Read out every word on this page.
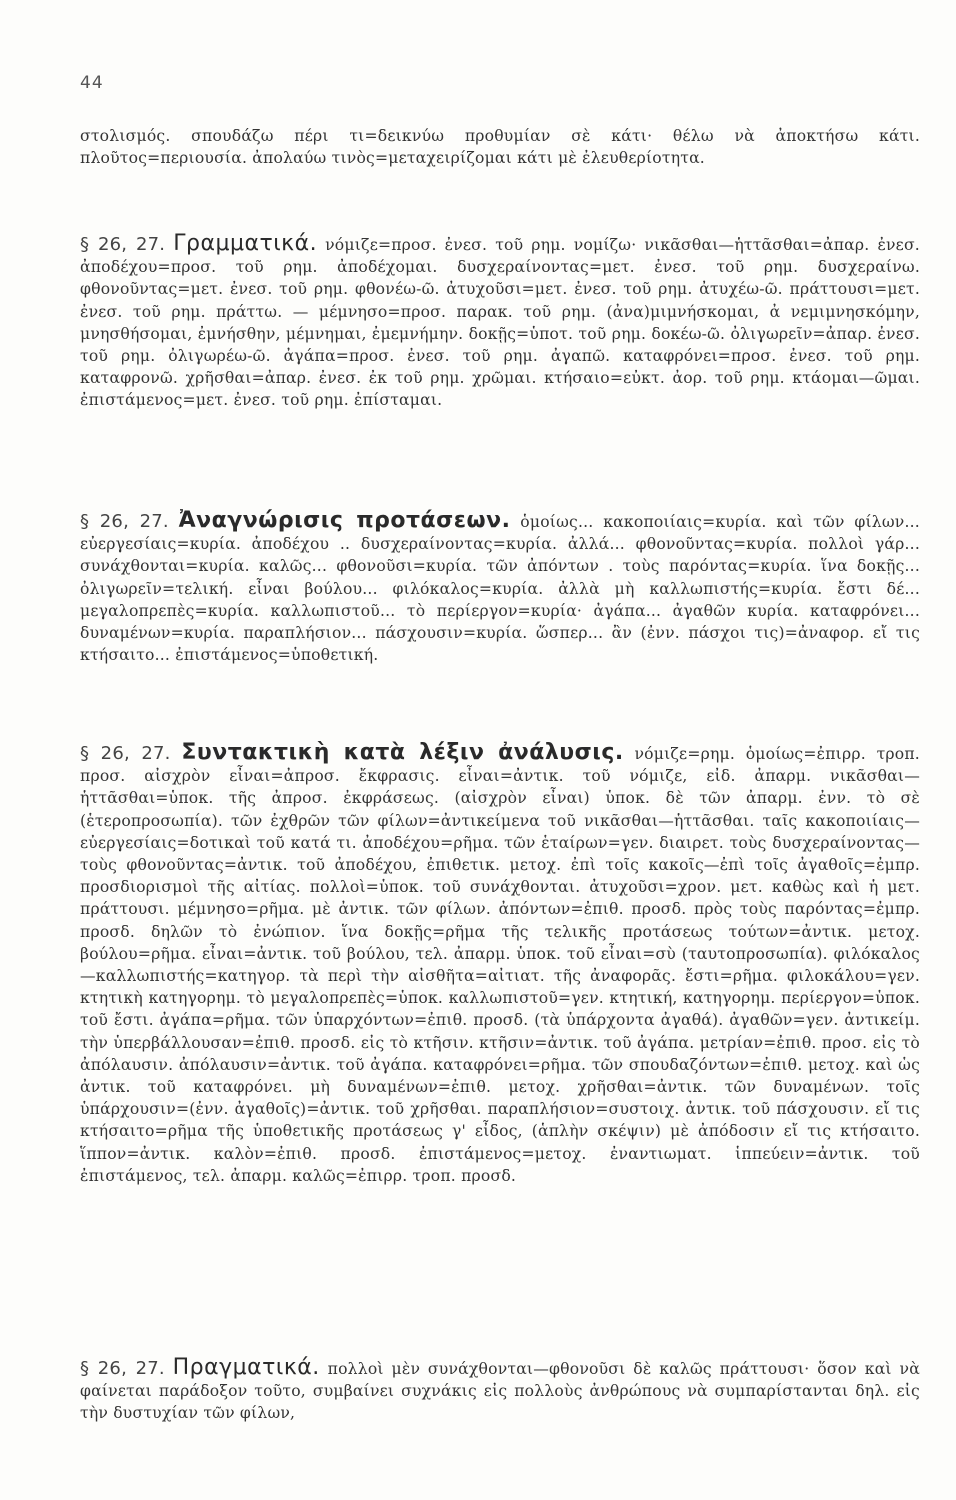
44

στολισμός. σπουδάζω πέρι τι=δεικνύω προθυμίαν σὲ κάτι· θέλω νὰ ἀποκτήσω κάτι. πλοῦτος=περιουσία. ἀπολαύω τινὸς=μεταχειρίζομαι κάτι μὲ ἐλευθερίοτητα.

§ 26, 27. Γραμματικά. νόμιζε=προσ. ἐνεσ. τοῦ ρημ. νομίζω· νικᾶσθαι—ἡττᾶσθαι=ἀπαρ. ἐνεσ. ἀποδέχου=προσ. τοῦ ρημ. ἀποδέχομαι. δυσχεραίνοντας=μετ. ἐνεσ. τοῦ ρημ. δυσχεραίνω. φθονοῦντας=μετ. ἐνεσ. τοῦ ρημ. φθονέω-ῶ. ἀτυχοῦσι=μετ. ἐνεσ. τοῦ ρημ. ἀτυχέω-ῶ. πράττουσι=μετ. ἐνεσ. τοῦ ρημ. πράττω. — μέμνησο=προσ. παρακ. τοῦ ρημ. (ἀνα)μιμνήσκομαι, ἀ νεμιμνησκόμην, μνησθήσομαι, ἐμνήσθην, μέμνημαι, ἐμεμνήμην. δοκῇς=ὑποτ. τοῦ ρημ. δοκέω-ῶ. ὀλιγωρεῖν=ἀπαρ. ἐνεσ. τοῦ ρημ. ὀλιγωρέω-ῶ. ἀγάπα=προσ. ἐνεσ. τοῦ ρημ. ἀγαπῶ. καταφρόνει=προσ. ἐνεσ. τοῦ ρημ. καταφρονῶ. χρῆσθαι=ἀπαρ. ἐνεσ. ἐκ τοῦ ρημ. χρῶμαι. κτήσαιο=εὐκτ. ἀορ. τοῦ ρημ. κτάομαι—ῶμαι. ἐπιστάμενος=μετ. ἐνεσ. τοῦ ρημ. ἐπίσταμαι.

§ 26, 27. Ἀναγνώρισις προτάσεων. ὁμοίως... κακοποιίαις=κυρία. καὶ τῶν φίλων... εὐεργεσίαις=κυρία. ἀποδέχου .. δυσχεραίνοντας=κυρία. ἀλλά... φθονοῦντας=κυρία. πολλοὶ γάρ... συνάχθονται=κυρία. καλῶς... φθονοῦσι=κυρία. τῶν ἀπόντων . τοὺς παρόντας=κυρία. ἵνα δοκῇς... ὀλιγωρεῖν=τελική. εἶναι βούλου... φιλόκαλος=κυρία. ἀλλὰ μὴ καλλωπιστής=κυρία. ἔστι δέ... μεγαλοπρεπὲς=κυρία. καλλωπιστοῦ... τὸ περίεργον=κυρία· ἀγάπα... ἀγαθῶν κυρία. καταφρόνει... δυναμένων=κυρία. παραπλήσιον... πάσχουσιν=κυρία. ὥσπερ... ἂν (ἐνν. πάσχοι τις)=ἀναφορ. εἴ τις κτήσαιτο... ἐπιστάμενος=ὑποθετική.

§ 26, 27. Συντακτικὴ κατὰ λέξιν ἀνάλυσις. νόμιζε=ρημ. ὁμοίως=ἐπιρρ. τροπ. προσ. αἰσχρὸν εἶναι=ἀπροσ. ἔκφρασις. εἶναι=ἀντικ. τοῦ νόμιζε, εἰδ. ἀπαρμ. νικᾶσθαι—ἡττᾶσθαι=ὑποκ. τῆς ἀπροσ. ἐκφράσεως. (αἰσχρὸν εἶναι) ὑποκ. δὲ τῶν ἀπαρμ. ἐνν. τὸ σὲ (ἑτεροπροσωπία). τῶν ἐχθρῶν τῶν φίλων=ἀντικείμενα τοῦ νικᾶσθαι—ἡττᾶσθαι. ταῖς κακοποιίαις—εὐεργεσίαις=δοτικαὶ τοῦ κατά τι. ἀποδέχου=ρῆμα. τῶν ἑταίρων=γεν. διαιρετ. τοὺς δυσχεραίνοντας—τοὺς φθονοῦντας=ἀντικ. τοῦ ἀποδέχου, ἐπιθετικ. μετοχ. ἐπὶ τοῖς κακοῖς—ἐπὶ τοῖς ἀγαθοῖς=ἐμπρ. προσδιορισμοὶ τῆς αἰτίας. πολλοὶ=ὑποκ. τοῦ συνάχθονται. ἀτυχοῦσι=χρον. μετ. καθὼς καὶ ἡ μετ. πράττουσι. μέμνησο=ρῆμα. μὲ ἀντικ. τῶν φίλων. ἀπόντων=ἐπιθ. προσδ. πρὸς τοὺς παρόντας=ἐμπρ. προσδ. δηλῶν τὸ ἐνώπιον. ἵνα δοκῇς=ρῆμα τῆς τελικῆς προτάσεως τούτων=ἀντικ. μετοχ. βούλου=ρῆμα. εἶναι=ἀντικ. τοῦ βούλου, τελ. ἀπαρμ. ὑποκ. τοῦ εἶναι=σὺ (ταυτοπροσωπία). φιλόκαλος—καλλωπιστής=κατηγορ. τὰ περὶ τὴν αἰσθῆτα=αἰτιατ. τῆς ἀναφορᾶς. ἔστι=ρῆμα. φιλοκάλου=γεν. κτητικὴ κατηγορημ. τὸ μεγαλοπρεπὲς=ὑποκ. καλλωπιστοῦ=γεν. κτητική, κατηγορημ. περίεργον=ὑποκ. τοῦ ἔστι. ἀγάπα=ρῆμα. τῶν ὑπαρχόντων=ἐπιθ. προσδ. (τὰ ὑπάρχοντα ἀγαθά). ἀγαθῶν=γεν. ἀντικείμ. τὴν ὑπερβάλλουσαν=ἐπιθ. προσδ. εἰς τὸ κτῆσιν. κτῆσιν=ἀντικ. τοῦ ἀγάπα. μετρίαν=ἐπιθ. προσ. εἰς τὸ ἀπόλαυσιν. ἀπόλαυσιν=ἀντικ. τοῦ ἀγάπα. καταφρόνει=ρῆμα. τῶν σπουδαζόντων=ἐπιθ. μετοχ. καὶ ὡς ἀντικ. τοῦ καταφρόνει. μὴ δυναμένων=ἐπιθ. μετοχ. χρῆσθαι=ἀντικ. τῶν δυναμένων. τοῖς ὑπάρχουσιν=(ἐνν. ἀγαθοῖς)=ἀντικ. τοῦ χρῆσθαι. παραπλήσιον=συστοιχ. ἀντικ. τοῦ πάσχουσιν. εἴ τις κτήσαιτο=ρῆμα τῆς ὑποθετικῆς προτάσεως γ' εἶδος, (ἁπλὴν σκέψιν) μὲ ἀπόδοσιν εἴ τις κτήσαιτο. ἵππον=ἀντικ. καλὸν=ἐπιθ. προσδ. ἐπιστάμενος=μετοχ. ἐναντιωματ. ἱππεύειν=ἀντικ. τοῦ ἐπιστάμενος, τελ. ἀπαρμ. καλῶς=ἐπιρρ. τροπ. προσδ.

§ 26, 27. Πραγματικά. πολλοὶ μὲν συνάχθονται—φθονοῦσι δὲ καλῶς πράττουσι· ὅσον καὶ νὰ φαίνεται παράδοξον τοῦτο, συμβαίνει συχνάκις εἰς πολλοὺς ἀνθρώπους νὰ συμπαρίστανται δηλ. εἰς τὴν δυστυχίαν τῶν φίλων,
